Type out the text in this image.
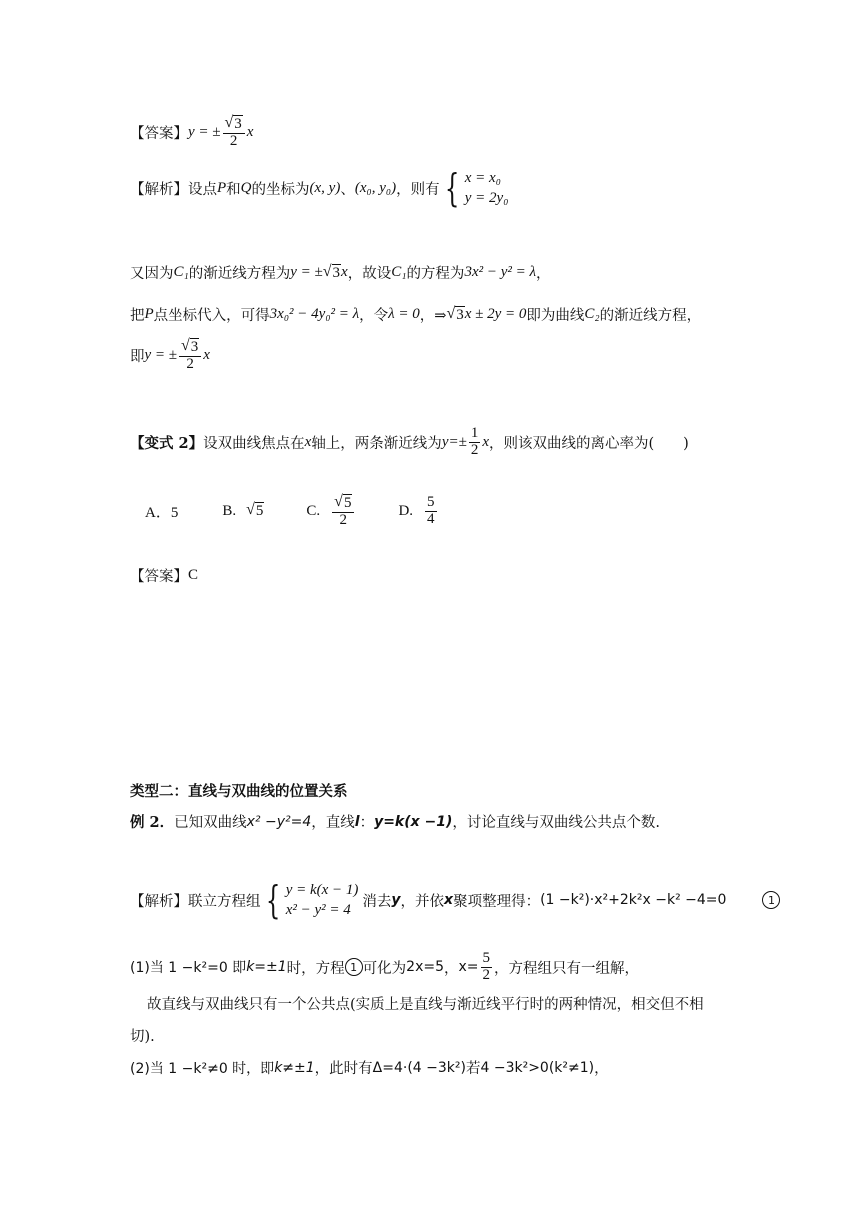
【答案】 y = ± $\frac{√ 3}{2}$ x
【解析】 设点 P 和 Q 的坐标为 (x, y) 、 (x₀, y₀) ，则有 { x = x₀
y = 2y₀
又因为 C₁ 的渐近线方程为 y = ± √ 3 x ，故设 C₁ 的方程为 3x² − y² = λ ，
把 P 点坐标代入，可得 3x₀² − 4y₀² = λ ，令 λ = 0 ，⇒ √ 3 x ± 2y = 0 即为曲线 C₂ 的渐近线方程，
即 y = ± $\frac{√ 3}{2}$ x
【变式 2】 设双曲线焦点在 x 轴上，两条渐近线为 $y=\pm \frac{1}{2}$ x ，则该双曲线的离心率为(　　)
A．5	B. √ 5	C. $\frac{√ 5}{2}$	D. $\frac{5}{4}$
【答案】 C
类型二：直线与双曲线的位置关系
例 2． 已知双曲线 x² −y²=4 ，直线 l ： y=k(x −1) ，讨论直线与双曲线公共点个数.
【解析】 联立方程组 { y = k(x − 1)
x² − y² = 4
消去 y ，并依 x 聚项整理得： (1 −k²)·x²+2k²x −k² −4=0	1
(1)当 1 −k²=0 即 k=±1 时，方程 1 可化为 2x=5 ， $x= \frac{5}{2}$ ，方程组只有一组解，
故直线与双曲线只有一个公共点(实质上是直线与渐近线平行时的两种情况，相交但不相
切).
(2)当 1 −k²≠0 时，即 k≠±1 ，此时有 Δ=4·(4 −3k²) 若 4 −3k²>0(k²≠1) ，
